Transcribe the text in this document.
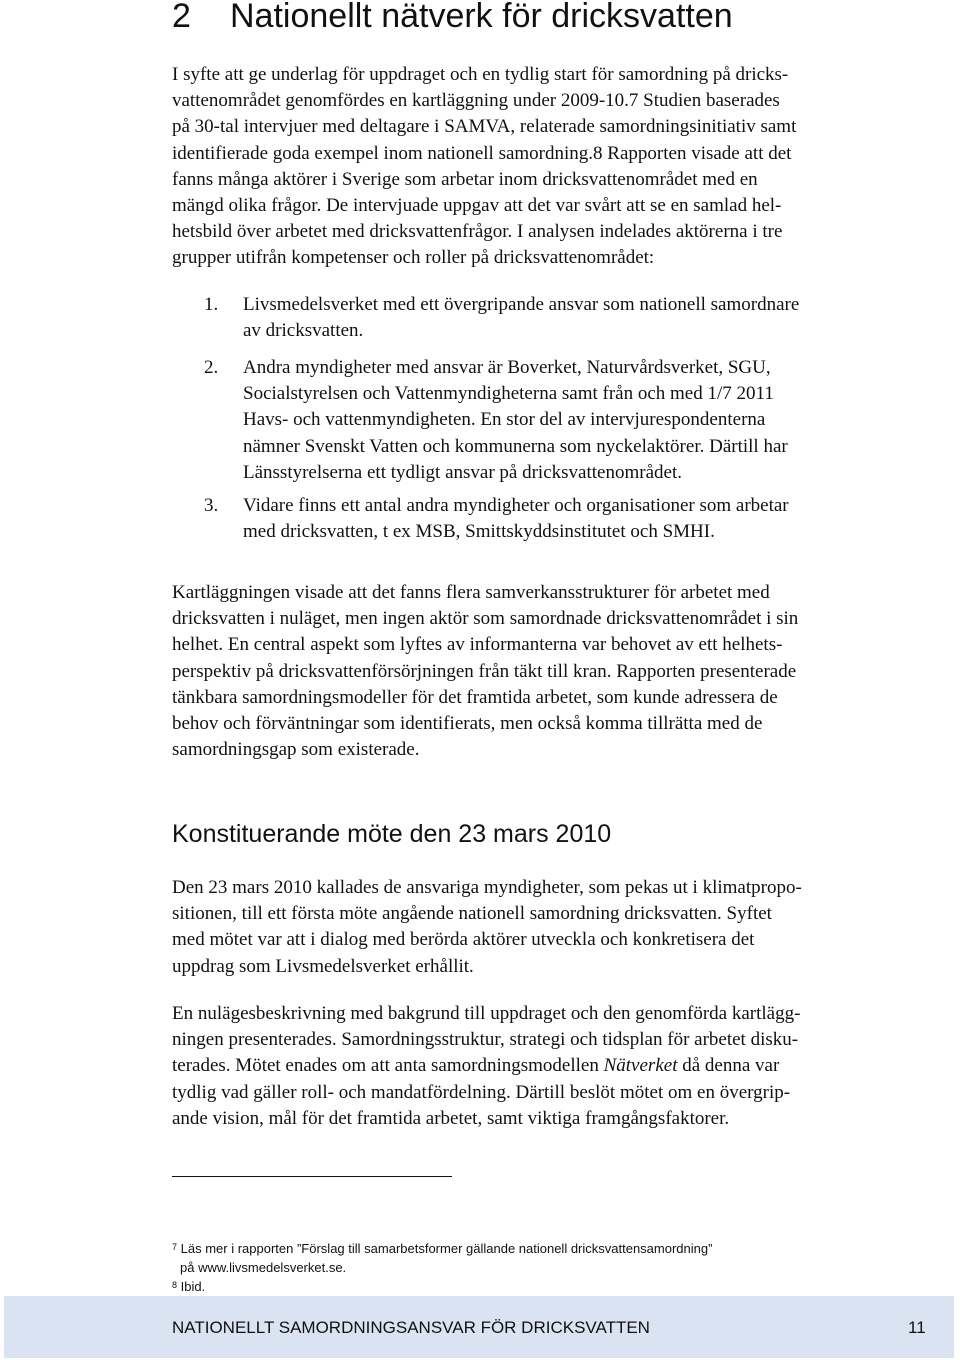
2 Nationellt nätverk för dricksvatten

I syfte att ge underlag för uppdraget och en tydlig start för samordning på dricks-
vattenområdet genomfördes en kartläggning under 2009-10.7 Studien baserades
på 30-tal intervjuer med deltagare i SAMVA, relaterade samordningsinitiativ samt
identifierade goda exempel inom nationell samordning.8 Rapporten visade att det
fanns många aktörer i Sverige som arbetar inom dricksvattenområdet med en
mängd olika frågor. De intervjuade uppgav att det var svårt att se en samlad hel-
hetsbild över arbetet med dricksvattenfrågor. I analysen indelades aktörerna i tre
grupper utifrån kompetenser och roller på dricksvattenområdet:

1. Livsmedelsverket med ett övergripande ansvar som nationell samordnare
av dricksvatten.
2. Andra myndigheter med ansvar är Boverket, Naturvårdsverket, SGU,
Socialstyrelsen och Vattenmyndigheterna samt från och med 1/7 2011
Havs- och vattenmyndigheten. En stor del av intervjurespondenterna
nämner Svenskt Vatten och kommunerna som nyckelaktörer. Därtill har
Länsstyrelserna ett tydligt ansvar på dricksvattenområdet.
3. Vidare finns ett antal andra myndigheter och organisationer som arbetar
med dricksvatten, t ex MSB, Smittskyddsinstitutet och SMHI.

Kartläggningen visade att det fanns flera samverkansstrukturer för arbetet med
dricksvatten i nuläget, men ingen aktör som samordnade dricksvattenområdet i sin
helhet. En central aspekt som lyftes av informanterna var behovet av ett helhets-
perspektiv på dricksvattenförsörjningen från täkt till kran. Rapporten presenterade
tänkbara samordningsmodeller för det framtida arbetet, som kunde adressera de
behov och förväntningar som identifierats, men också komma tillrätta med de
samordningsgap som existerade.

Konstituerande möte den 23 mars 2010

Den 23 mars 2010 kallades de ansvariga myndigheter, som pekas ut i klimatpropo-
sitionen, till ett första möte angående nationell samordning dricksvatten. Syftet
med mötet var att i dialog med berörda aktörer utveckla och konkretisera det
uppdrag som Livsmedelsverket erhållit.

En nulägesbeskrivning med bakgrund till uppdraget och den genomförda kartlägg-
ningen presenterades. Samordningsstruktur, strategi och tidsplan för arbetet disku-
terades. Mötet enades om att anta samordningsmodellen Nätverket då denna var
tydlig vad gäller roll- och mandatfördelning. Därtill beslöt mötet om en övergrip-
ande vision, mål för det framtida arbetet, samt viktiga framgångsfaktorer.

$^7$ Läs mer i rapporten ”Förslag till samarbetsformer gällande nationell dricksvattensamordning”
på www.livsmedelsverket.se.
$^8$ Ibid.
NATIONELLT SAMORDNINGSANSVAR FÖR DRICKSVATTEN	11
